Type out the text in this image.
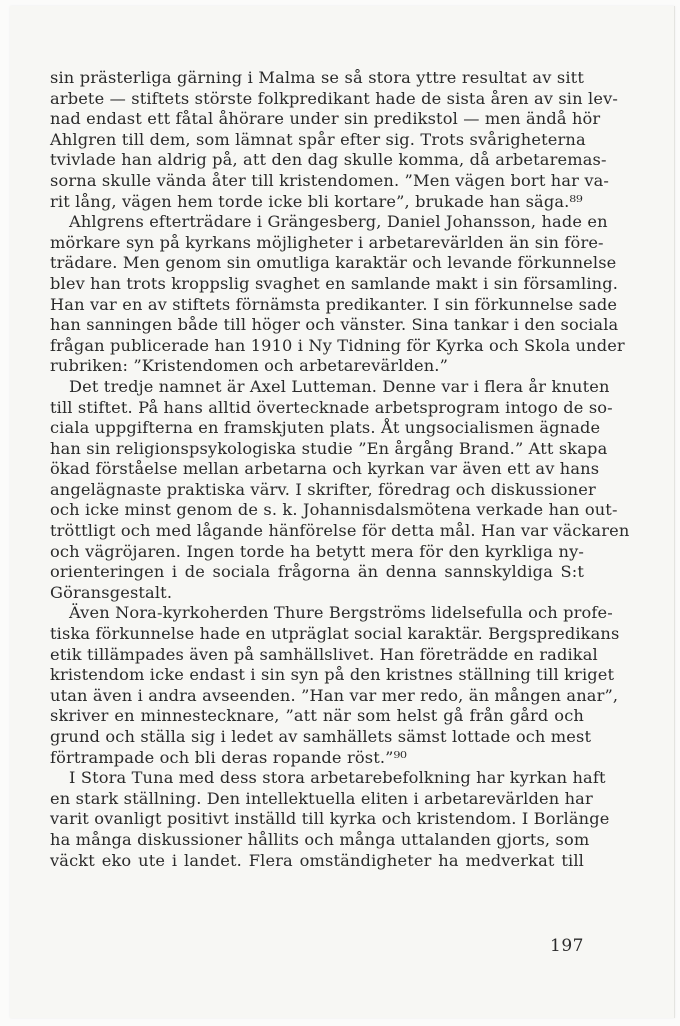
sin prästerliga gärning i Malma se så stora yttre resultat av sitt
arbete — stiftets störste folkpredikant hade de sista åren av sin lev-
nad endast ett fåtal åhörare under sin predikstol — men ändå hör
Ahlgren till dem, som lämnat spår efter sig. Trots svårigheterna
tvivlade han aldrig på, att den dag skulle komma, då arbetaremas-
sorna skulle vända åter till kristendomen. ”Men vägen bort har va-
rit lång, vägen hem torde icke bli kortare”, brukade han säga.⁸⁹
Ahlgrens efterträdare i Grängesberg, Daniel Johansson, hade en
mörkare syn på kyrkans möjligheter i arbetarevärlden än sin före-
trädare. Men genom sin omutliga karaktär och levande förkunnelse
blev han trots kroppslig svaghet en samlande makt i sin församling.
Han var en av stiftets förnämsta predikanter. I sin förkunnelse sade
han sanningen både till höger och vänster. Sina tankar i den sociala
frågan publicerade han 1910 i Ny Tidning för Kyrka och Skola under
rubriken: ”Kristendomen och arbetarevärlden.”
Det tredje namnet är Axel Lutteman. Denne var i flera år knuten
till stiftet. På hans alltid övertecknade arbetsprogram intogo de so-
ciala uppgifterna en framskjuten plats. Åt ungsocialismen ägnade
han sin religionspsykologiska studie ”En årgång Brand.” Att skapa
ökad förståelse mellan arbetarna och kyrkan var även ett av hans
angelägnaste praktiska värv. I skrifter, föredrag och diskussioner
och icke minst genom de s. k. Johannisdalsmötena verkade han out-
tröttligt och med lågande hänförelse för detta mål. Han var väckaren
och vägröjaren. Ingen torde ha betytt mera för den kyrkliga ny-
orienteringen i de sociala frågorna än denna sannskyldiga S:t
Göransgestalt.
Även Nora-kyrkoherden Thure Bergströms lidelsefulla och profe-
tiska förkunnelse hade en utpräglat social karaktär. Bergspredikans
etik tillämpades även på samhällslivet. Han företrädde en radikal
kristendom icke endast i sin syn på den kristnes ställning till kriget
utan även i andra avseenden. ”Han var mer redo, än mången anar”,
skriver en minnestecknare, ”att när som helst gå från gård och
grund och ställa sig i ledet av samhällets sämst lottade och mest
förtrampade och bli deras ropande röst.”⁹⁰
I Stora Tuna med dess stora arbetarebefolkning har kyrkan haft
en stark ställning. Den intellektuella eliten i arbetarevärlden har
varit ovanligt positivt inställd till kyrka och kristendom. I Borlänge
ha många diskussioner hållits och många uttalanden gjorts, som
väckt eko ute i landet. Flera omständigheter ha medverkat till
197
